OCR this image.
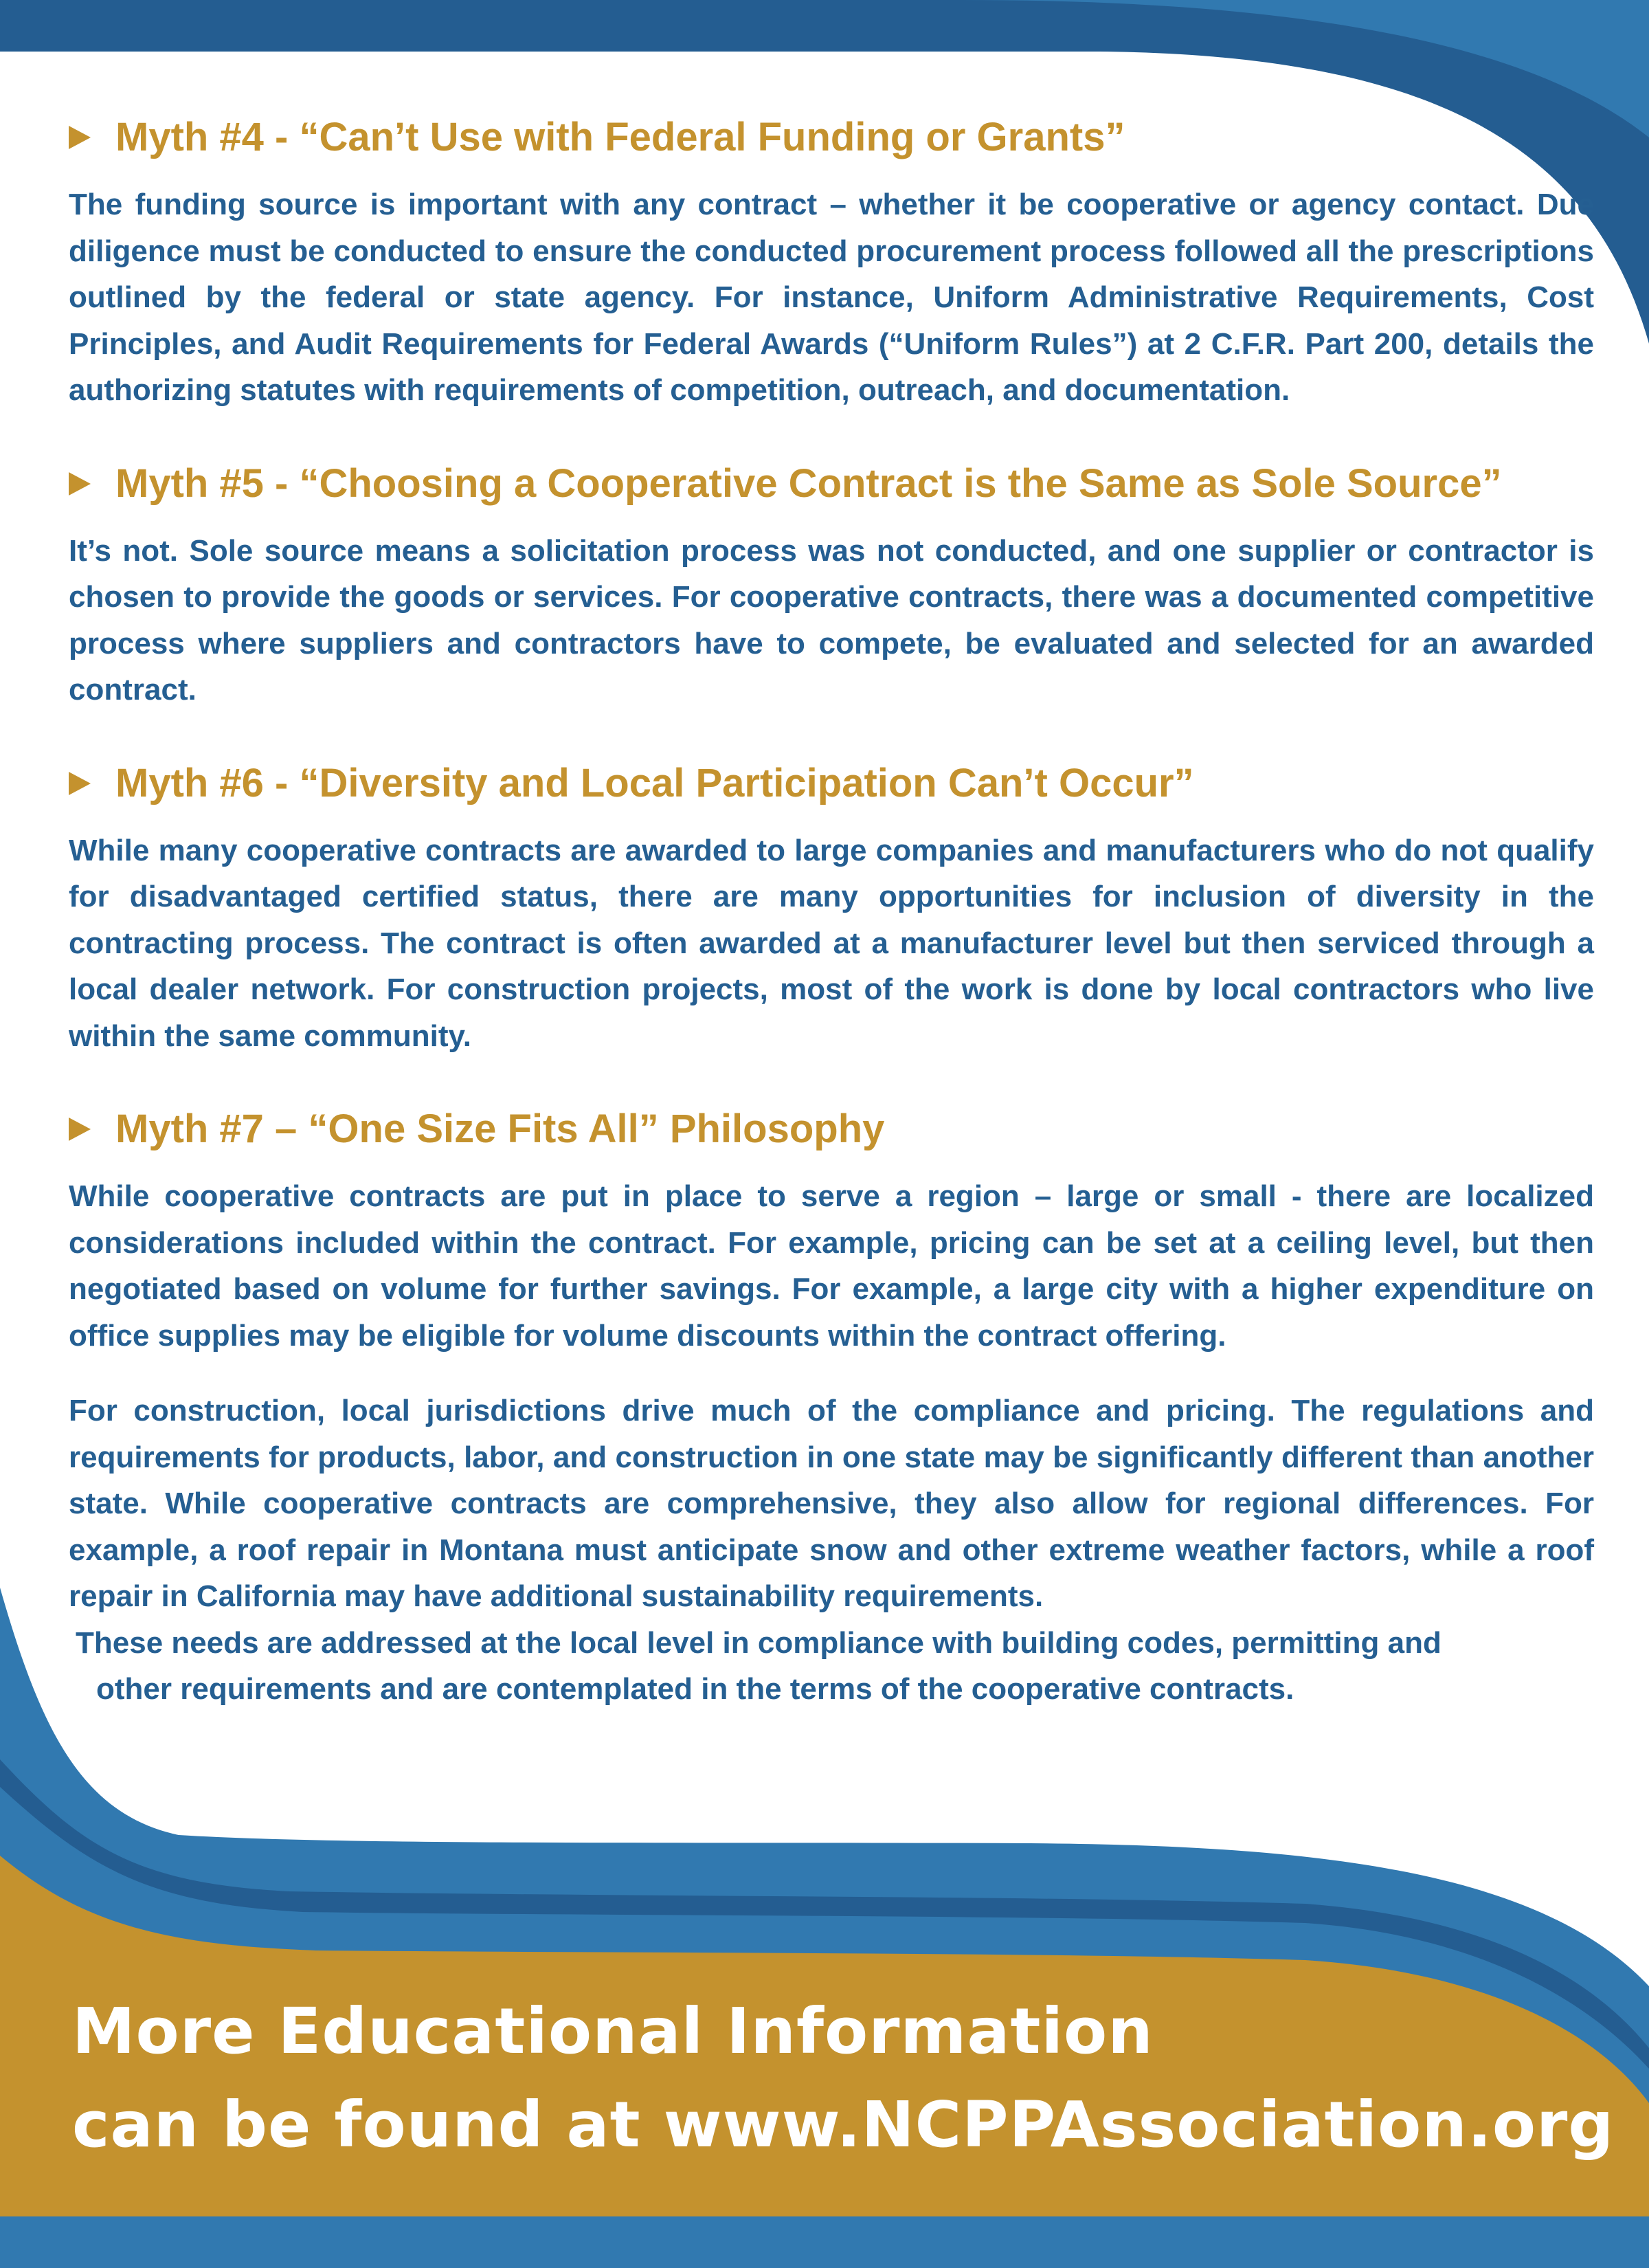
Myth #4 - “Can’t Use with Federal Funding or Grants”

The funding source is important with any contract – whether it be cooperative or agency contact. Due diligence must be conducted to ensure the conducted procurement process followed all the prescriptions outlined by the federal or state agency. For instance, Uniform Administrative Requirements, Cost Principles, and Audit Requirements for Federal Awards (“Uniform Rules”) at 2 C.F.R. Part 200, details the authorizing statutes with requirements of competition, outreach, and documentation.

Myth #5 - “Choosing a Cooperative Contract is the Same as Sole Source”

It’s not. Sole source means a solicitation process was not conducted, and one supplier or contractor is chosen to provide the goods or services. For cooperative contracts, there was a documented competitive process where suppliers and contractors have to compete, be evaluated and selected for an awarded contract.

Myth #6 - “Diversity and Local Participation Can’t Occur”

While many cooperative contracts are awarded to large companies and manufacturers who do not qualify for disadvantaged certified status, there are many opportunities for inclusion of diversity in the contracting process. The contract is often awarded at a manufacturer level but then serviced through a local dealer network. For construction projects, most of the work is done by local contractors who live within the same community.

Myth #7 – “One Size Fits All” Philosophy

While cooperative contracts are put in place to serve a region – large or small - there are localized considerations included within the contract. For example, pricing can be set at a ceiling level, but then negotiated based on volume for further savings. For example, a large city with a higher expenditure on office supplies may be eligible for volume discounts within the contract offering.

For construction, local jurisdictions drive much of the compliance and pricing. The regulations and requirements for products, labor, and construction in one state may be significantly different than another state. While cooperative contracts are comprehensive, they also allow for regional differences. For example, a roof repair in Montana must anticipate snow and other extreme weather factors, while a roof repair in California may have additional sustainability requirements.
These needs are addressed at the local level in compliance with building codes, permitting and
other requirements and are contemplated in the terms of the cooperative contracts.

More Educational Information
can be found at www.NCPPAssociation.org
